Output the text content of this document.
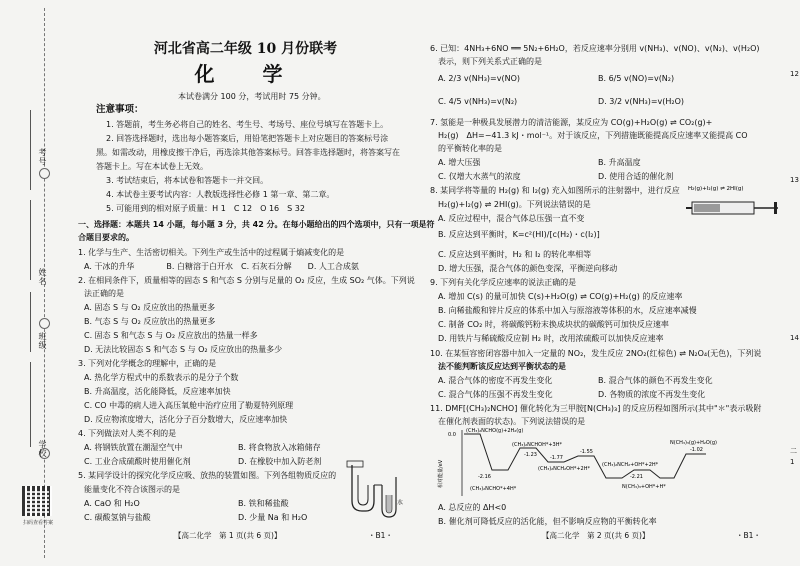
考号
姓名
班级
学校
扫码查看答案
河北省高二年级 10 月份联考
化　学
本试卷满分 100 分，考试用时 75 分钟。
注意事项：
1. 答题前，考生务必将自己的姓名、考生号、考场号、座位号填写在答题卡上。
2. 回答选择题时，选出每小题答案后，用铅笔把答题卡上对应题目的答案标号涂
黑。如需改动，用橡皮擦干净后，再选涂其他答案标号。回答非选择题时，将答案写在
答题卡上。写在本试卷上无效。
3. 考试结束后，将本试卷和答题卡一并交回。
4. 本试卷主要考试内容：人教版选择性必修 1 第一章、第二章。
5. 可能用到的相对原子质量：H 1　C 12　O 16　S 32
一、选择题：本题共 14 小题，每小题 3 分，共 42 分。在每小题给出的四个选项中，只有一项是符
合题目要求的。
1. 化学与生产、生活密切相关。下列生产或生活中的过程属于熵减变化的是
A. 干冰的升华　　　　B. 白糖溶于白开水　C. 石灰石分解　　D. 人工合成氨
2. 在相同条件下，质量相等的固态 S 和气态 S 分别与足量的 O₂ 反应，生成 SO₂ 气体。下列说
法正确的是
A. 固态 S 与 O₂ 反应放出的热量更多
B. 气态 S 与 O₂ 反应放出的热量更多
C. 固态 S 和气态 S 与 O₂ 反应放出的热量一样多
D. 无法比较固态 S 和气态 S 与 O₂ 反应放出的热量多少
3. 下列对化学概念的理解中，正确的是
A. 热化学方程式中的系数表示的是分子个数
B. 升高温度，活化能降低，反应速率加快
C. CO 中毒的病人进入高压氧舱中治疗应用了勒夏特列原理
D. 反应物浓度增大，活化分子百分数增大，反应速率加快
4. 下列做法对人类不利的是
A. 将钢铁放置在潮湿空气中	B. 将食物放入冰箱储存
C. 工业合成硫酸时使用催化剂	D. 在橡胶中加入防老剂
5. 某同学设计的探究化学反应吸、放热的装置如图。下列各组物质反应的
能量变化不符合该图示的是
A. CaO 和 H₂O	B. 铁和稀盐酸
C. 碳酸氢钠与盐酸	D. 少量 Na 和 H₂O
水
【高二化学　第 1 页(共 6 页)】	・B1・
6. 已知：4NH₃+6NO ══ 5N₂+6H₂O，若反应速率分别用 v(NH₃)、v(NO)、v(N₂)、v(H₂O)
表示，则下列关系式正确的是
A. 2/3 v(NH₃)=v(NO)	B. 6/5 v(NO)=v(N₂)
C. 4/5 v(NH₃)=v(N₂)	D. 3/2 v(NH₃)=v(H₂O)
7. 氢能是一种极具发展潜力的清洁能源，某反应为 CO(g)+H₂O(g) ⇌ CO₂(g)+
H₂(g)　ΔH=−41.3 kJ・mol⁻¹。对于该反应，下列措施既能提高反应速率又能提高 CO
的平衡转化率的是
A. 增大压强	B. 升高温度
C. 仅增大水蒸气的浓度	D. 使用合适的催化剂
8. 某同学将等量的 H₂(g) 和 I₂(g) 充入如图所示的注射器中，进行反应
H₂(g)+I₂(g) ⇌ 2HI(g)。下列说法错误的是
A. 反应过程中，混合气体总压强一直不变
B. 反应达到平衡时，K=c²(HI)/[c(H₂)・c(I₂)]
C. 反应达到平衡时，H₂ 和 I₂ 的转化率相等
D. 增大压强，混合气体的颜色变深，平衡逆向移动
H₂(g)+I₂(g) ⇌ 2HI(g)
9. 下列有关化学反应速率的说法正确的是
A. 增加 C(s) 的量可加快 C(s)+H₂O(g) ⇌ CO(g)+H₂(g) 的反应速率
B. 向稀盐酸和锌片反应的体系中加入与原溶液等体积的水，反应速率减慢
C. 制备 CO₂ 时，将碳酸钙粉末换成块状的碳酸钙可加快反应速率
D. 用铁片与稀硫酸反应制 H₂ 时，改用浓硫酸可以加快反应速率
10. 在某恒容密闭容器中加入一定量的 NO₂，发生反应 2NO₂(红棕色) ⇌ N₂O₄(无色)，下列说
法不能判断该反应达到平衡状态的是
A. 混合气体的密度不再发生变化	B. 混合气体的颜色不再发生变化
C. 混合气体的压强不再发生变化	D. 各物质的浓度不再发生变化
11. DMF[(CH₃)₂NCHO] 催化转化为三甲胺[N(CH₃)₃] 的反应历程如图所示(其中"＊"表示吸附
在催化剂表面的状态)。下列说法错误的是
相对能量/eV
0.0
(CH₃)₂NCHO(g)+2H₂(g)
(CH₃)₂NCHOH*+3H*
-1.23
-2.16
(CH₃)₂NCHO*+4H*
(CH₃)₂NCH₂OH*+2H*
-1.77
-1.55
(CH₃)₂NCH₂+OH*+2H*
-2.21
N(CH₃)₃+OH*+H*
-1.02
N(CH₃)₃(g)+H₂O(g)
A. 总反应的 ΔH<0
B. 催化剂可降低反应的活化能，但不影响反应物的平衡转化率
【高二化学　第 2 页(共 6 页)】	・B1・
12
13
14
二
1
